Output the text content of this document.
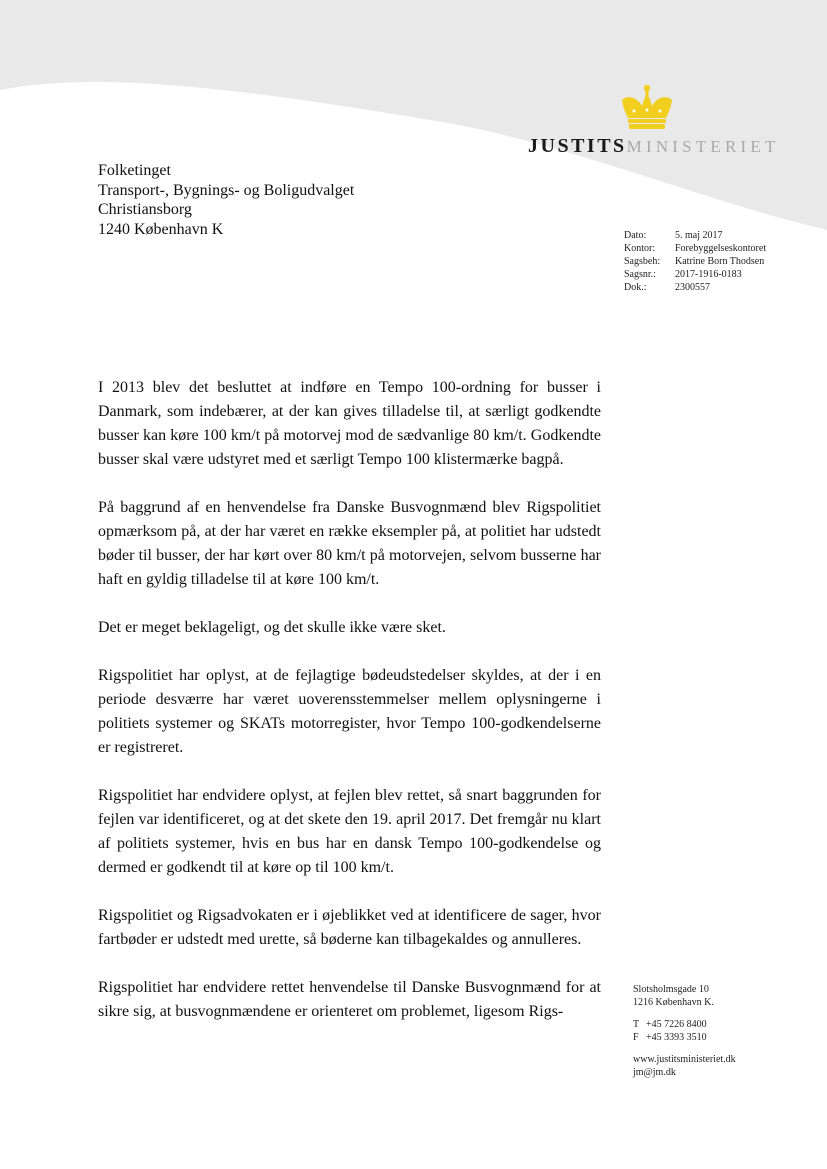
JUSTITSMINISTERIET
Folketinget
Transport-, Bygnings- og Boligudvalget
Christiansborg
1240 København K	Dato:	5. maj 2017
Kontor:	Forebyggelseskontoret
Sagsbeh:	Katrine Born Thodsen
Sagsnr.:	2017-1916-0183
Dok.:	2300557

I 2013 blev det besluttet at indføre en Tempo 100-ordning for busser i Danmark, som indebærer, at der kan gives tilladelse til, at særligt godkendte busser kan køre 100 km/t på motorvej mod de sædvanlige 80 km/t. Godkendte busser skal være udstyret med et særligt Tempo 100 klistermærke bagpå.

På baggrund af en henvendelse fra Danske Busvognmænd blev Rigspolitiet opmærksom på, at der har været en række eksempler på, at politiet har udstedt bøder til busser, der har kørt over 80 km/t på motorvejen, selvom busserne har haft en gyldig tilladelse til at køre 100 km/t.

Det er meget beklageligt, og det skulle ikke være sket.

Rigspolitiet har oplyst, at de fejlagtige bødeudstedelser skyldes, at der i en periode desværre har været uoverensstemmelser mellem oplysningerne i politiets systemer og SKATs motorregister, hvor Tempo 100-godkendelserne er registreret.

Rigspolitiet har endvidere oplyst, at fejlen blev rettet, så snart baggrunden for fejlen var identificeret, og at det skete den 19. april 2017. Det fremgår nu klart af politiets systemer, hvis en bus har en dansk Tempo 100-godkendelse og dermed er godkendt til at køre op til 100 km/t.

Rigspolitiet og Rigsadvokaten er i øjeblikket ved at identificere de sager, hvor fartbøder er udstedt med urette, så bøderne kan tilbagekaldes og annulleres.

Rigspolitiet har endvidere rettet henvendelse til Danske Busvognmænd for at sikre sig, at busvognmændene er orienteret om problemet, ligesom Rigs-

Slotsholmsgade 10
1216 København K.
T +45 7226 8400
F +45 3393 3510
www.justitsministeriet.dk
jm@jm.dk
